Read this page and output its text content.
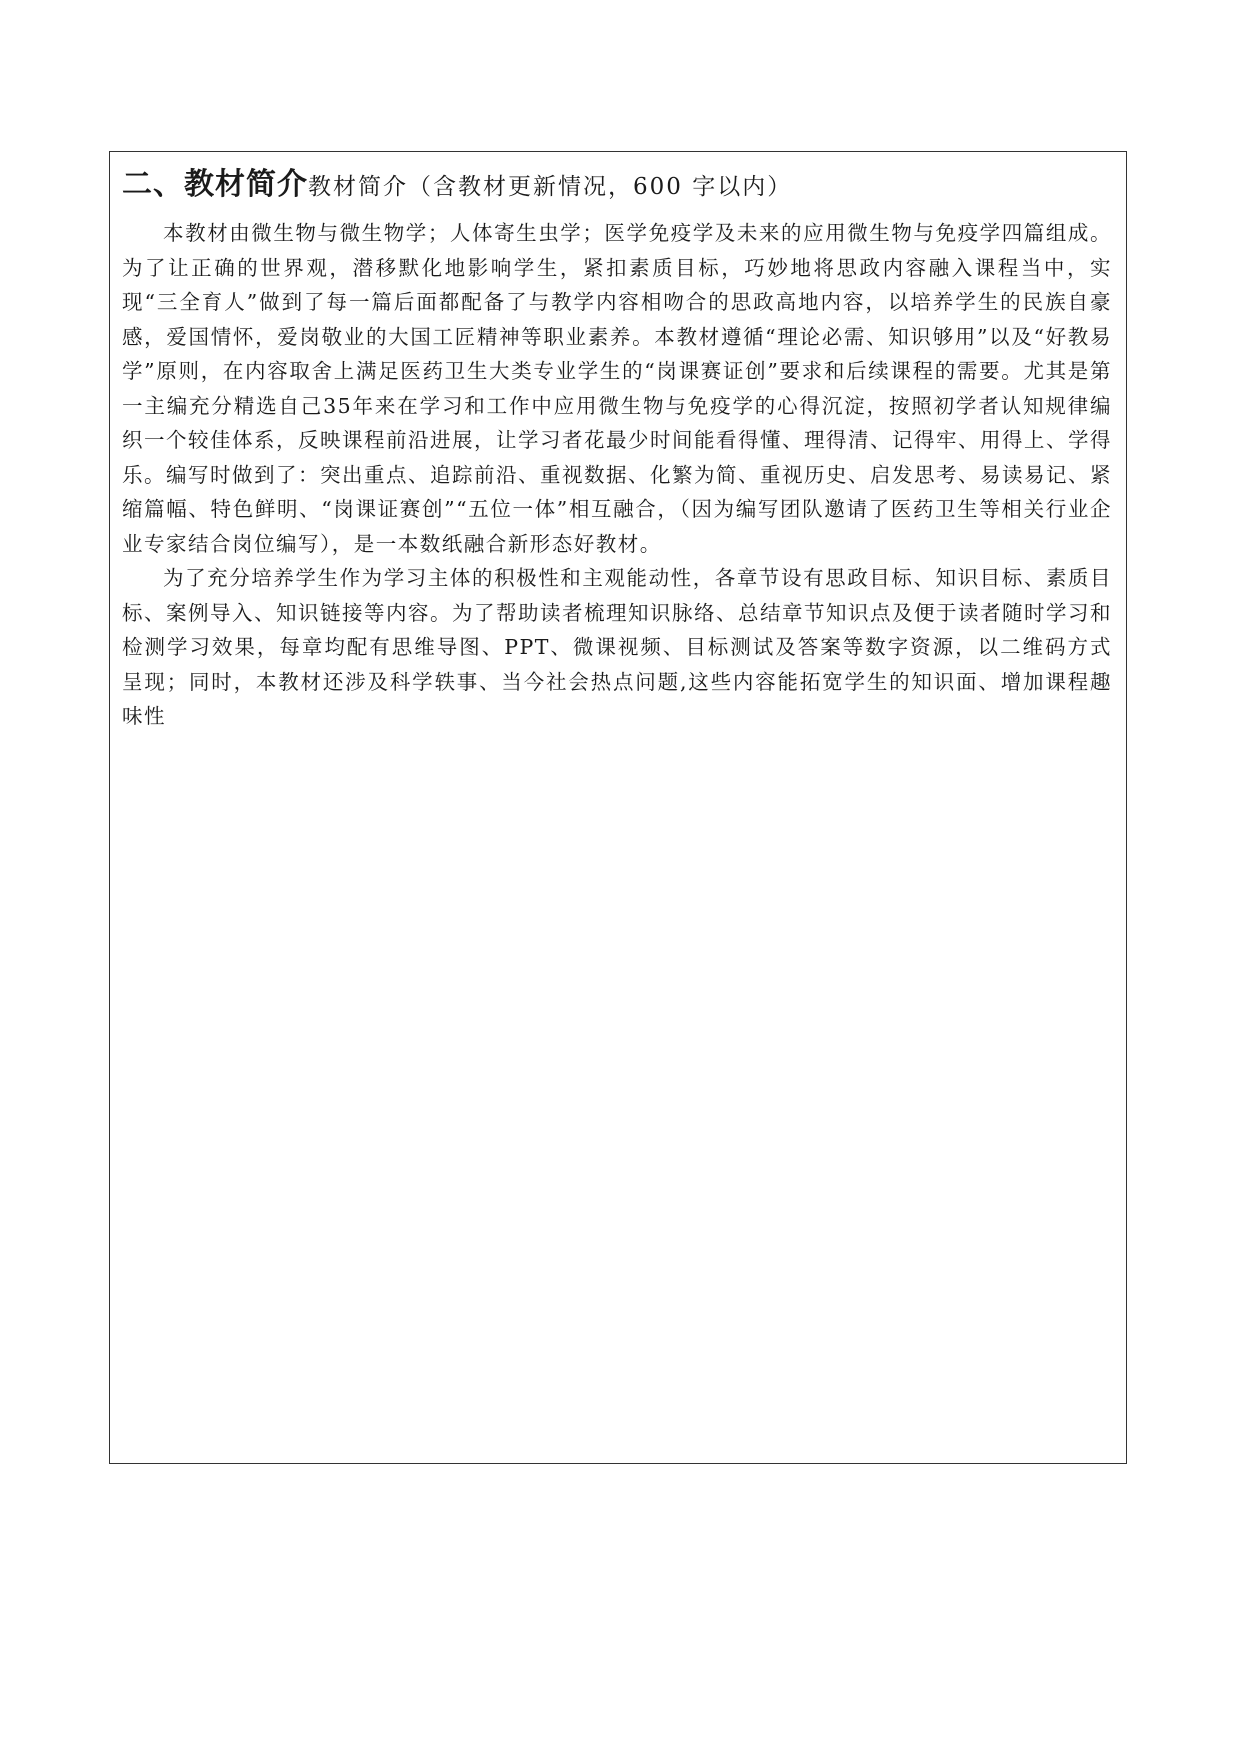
二、教材简介教材简介（含教材更新情况，600 字以内）

本教材由微生物与微生物学；人体寄生虫学；医学免疫学及未来的应用微生物与免疫学四篇组成。为了让正确的世界观，潜移默化地影响学生，紧扣素质目标，巧妙地将思政内容融入课程当中，实现“三全育人”做到了每一篇后面都配备了与教学内容相吻合的思政高地内容，以培养学生的民族自豪感，爱国情怀，爱岗敬业的大国工匠精神等职业素养。本教材遵循“理论必需、知识够用”以及“好教易学”原则，在内容取舍上满足医药卫生大类专业学生的“岗课赛证创”要求和后续课程的需要。尤其是第一主编充分精选自己35年来在学习和工作中应用微生物与免疫学的心得沉淀，按照初学者认知规律编织一个较佳体系，反映课程前沿进展，让学习者花最少时间能看得懂、理得清、记得牢、用得上、学得乐。编写时做到了：突出重点、追踪前沿、重视数据、化繁为简、重视历史、启发思考、易读易记、紧缩篇幅、特色鲜明、“岗课证赛创”“五位一体”相互融合，（因为编写团队邀请了医药卫生等相关行业企业专家结合岗位编写），是一本数纸融合新形态好教材。

为了充分培养学生作为学习主体的积极性和主观能动性，各章节设有思政目标、知识目标、素质目标、案例导入、知识链接等内容。为了帮助读者梳理知识脉络、总结章节知识点及便于读者随时学习和检测学习效果，每章均配有思维导图、PPT、微课视频、目标测试及答案等数字资源，以二维码方式呈现；同时，本教材还涉及科学轶事、当今社会热点问题,这些内容能拓宽学生的知识面、增加课程趣味性
